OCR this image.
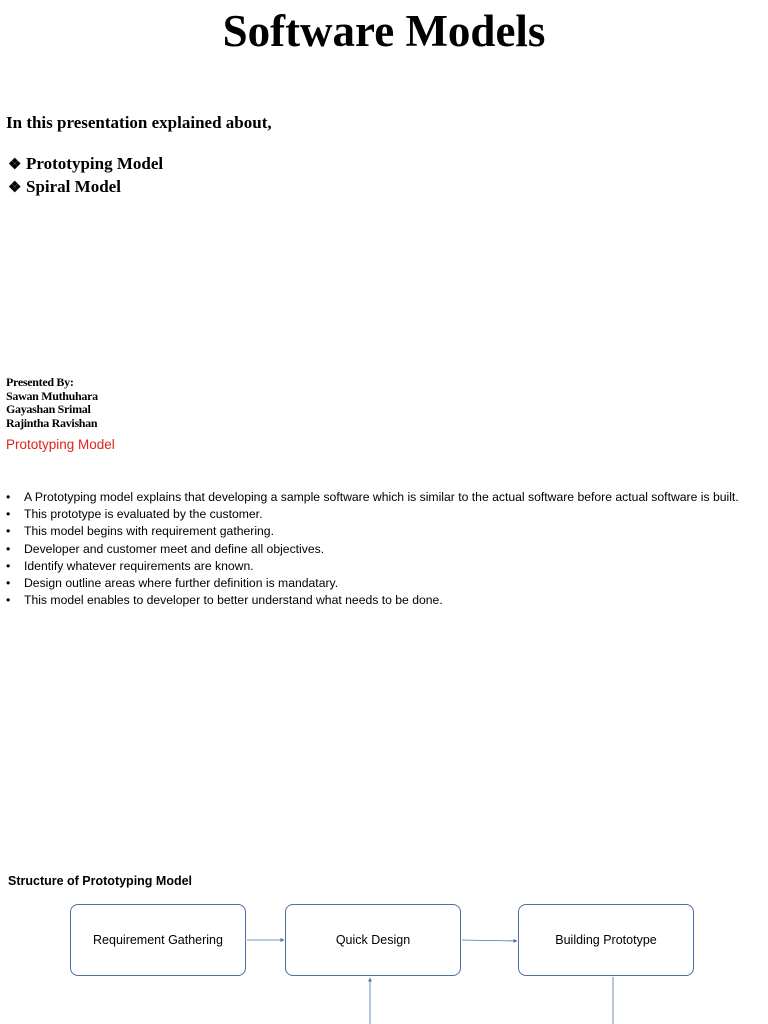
Software Models

In this presentation explained about,

❖ Prototyping Model
❖ Spiral Model
Presented By:
Sawan Muthuhara
Gayashan Srimal
Rajintha Ravishan

Prototyping Model

•	A Prototyping model explains that developing a sample software which is similar to the actual software before actual software is built.
•	This prototype is evaluated by the customer.
•	This model begins with requirement gathering.
•	Developer and customer meet and define all objectives.
•	Identify whatever requirements are known.
•	Design outline areas where further definition is mandatary.
•	This model enables to developer to better understand what needs to be done.

Structure of Prototyping Model

Requirement Gathering	Quick Design	Building Prototype
